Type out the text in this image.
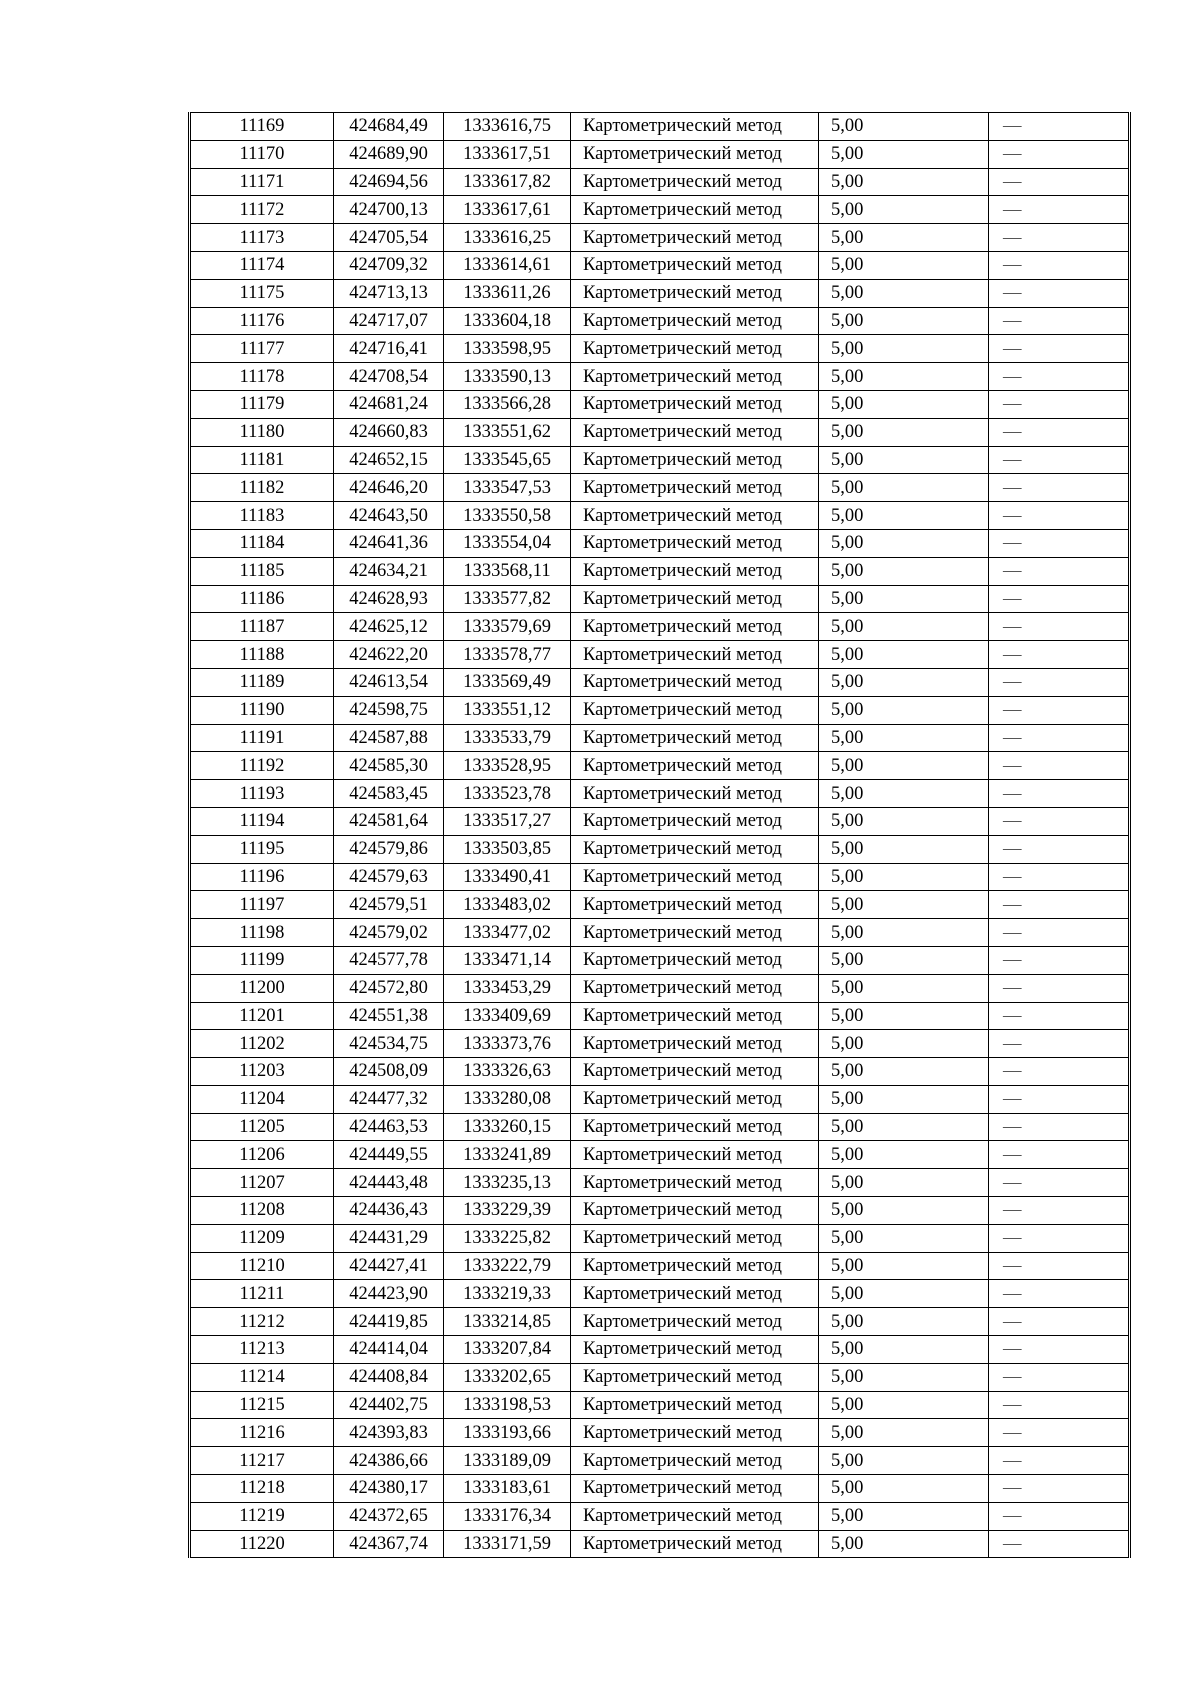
11169	424684,49	1333616,75	Картометрический метод	5,00	—
11170	424689,90	1333617,51	Картометрический метод	5,00	—
11171	424694,56	1333617,82	Картометрический метод	5,00	—
11172	424700,13	1333617,61	Картометрический метод	5,00	—
11173	424705,54	1333616,25	Картометрический метод	5,00	—
11174	424709,32	1333614,61	Картометрический метод	5,00	—
11175	424713,13	1333611,26	Картометрический метод	5,00	—
11176	424717,07	1333604,18	Картометрический метод	5,00	—
11177	424716,41	1333598,95	Картометрический метод	5,00	—
11178	424708,54	1333590,13	Картометрический метод	5,00	—
11179	424681,24	1333566,28	Картометрический метод	5,00	—
11180	424660,83	1333551,62	Картометрический метод	5,00	—
11181	424652,15	1333545,65	Картометрический метод	5,00	—
11182	424646,20	1333547,53	Картометрический метод	5,00	—
11183	424643,50	1333550,58	Картометрический метод	5,00	—
11184	424641,36	1333554,04	Картометрический метод	5,00	—
11185	424634,21	1333568,11	Картометрический метод	5,00	—
11186	424628,93	1333577,82	Картометрический метод	5,00	—
11187	424625,12	1333579,69	Картометрический метод	5,00	—
11188	424622,20	1333578,77	Картометрический метод	5,00	—
11189	424613,54	1333569,49	Картометрический метод	5,00	—
11190	424598,75	1333551,12	Картометрический метод	5,00	—
11191	424587,88	1333533,79	Картометрический метод	5,00	—
11192	424585,30	1333528,95	Картометрический метод	5,00	—
11193	424583,45	1333523,78	Картометрический метод	5,00	—
11194	424581,64	1333517,27	Картометрический метод	5,00	—
11195	424579,86	1333503,85	Картометрический метод	5,00	—
11196	424579,63	1333490,41	Картометрический метод	5,00	—
11197	424579,51	1333483,02	Картометрический метод	5,00	—
11198	424579,02	1333477,02	Картометрический метод	5,00	—
11199	424577,78	1333471,14	Картометрический метод	5,00	—
11200	424572,80	1333453,29	Картометрический метод	5,00	—
11201	424551,38	1333409,69	Картометрический метод	5,00	—
11202	424534,75	1333373,76	Картометрический метод	5,00	—
11203	424508,09	1333326,63	Картометрический метод	5,00	—
11204	424477,32	1333280,08	Картометрический метод	5,00	—
11205	424463,53	1333260,15	Картометрический метод	5,00	—
11206	424449,55	1333241,89	Картометрический метод	5,00	—
11207	424443,48	1333235,13	Картометрический метод	5,00	—
11208	424436,43	1333229,39	Картометрический метод	5,00	—
11209	424431,29	1333225,82	Картометрический метод	5,00	—
11210	424427,41	1333222,79	Картометрический метод	5,00	—
11211	424423,90	1333219,33	Картометрический метод	5,00	—
11212	424419,85	1333214,85	Картометрический метод	5,00	—
11213	424414,04	1333207,84	Картометрический метод	5,00	—
11214	424408,84	1333202,65	Картометрический метод	5,00	—
11215	424402,75	1333198,53	Картометрический метод	5,00	—
11216	424393,83	1333193,66	Картометрический метод	5,00	—
11217	424386,66	1333189,09	Картометрический метод	5,00	—
11218	424380,17	1333183,61	Картометрический метод	5,00	—
11219	424372,65	1333176,34	Картометрический метод	5,00	—
11220	424367,74	1333171,59	Картометрический метод	5,00	—
